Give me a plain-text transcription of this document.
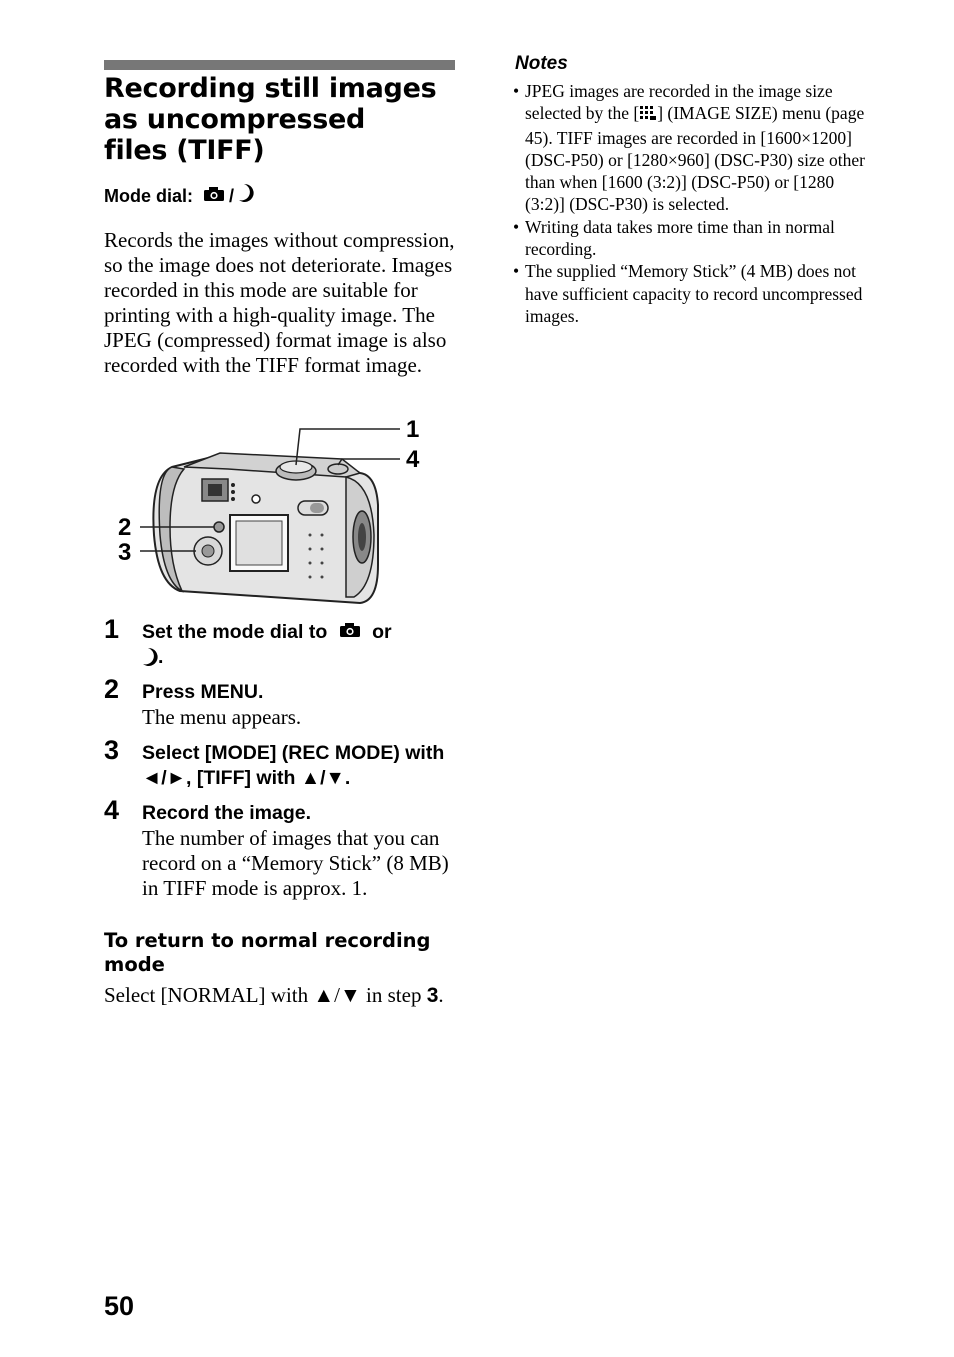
Recording still images
as uncompressed
files (TIFF)
Mode dial: /
Records the images without compression, so the image does not deteriorate. Images recorded in this mode are suitable for printing with a high-quality image. The JPEG (compressed) format image is also recorded with the TIFF format image.
1
4
2
3
1 Set the mode dial to or
.
2 Press MENU.
The menu appears.
3 Select [MODE] (REC MODE) with ◄/►, [TIFF] with ▲/▼.
4 Record the image.
The number of images that you can record on a “Memory Stick” (8 MB) in TIFF mode is approx. 1.
To return to normal recording mode
Select [NORMAL] with ▲/▼ in step 3.
Notes
• JPEG images are recorded in the image size selected by the [ ] (IMAGE SIZE) menu (page 45). TIFF images are recorded in [1600×1200] (DSC-P50) or [1280×960] (DSC-P30) size other than when [1600 (3:2)] (DSC-P50) or [1280 (3:2)] (DSC-P30) is selected.
• Writing data takes more time than in normal recording.
• The supplied “Memory Stick” (4 MB) does not have sufficient capacity to record uncompressed images.
50
